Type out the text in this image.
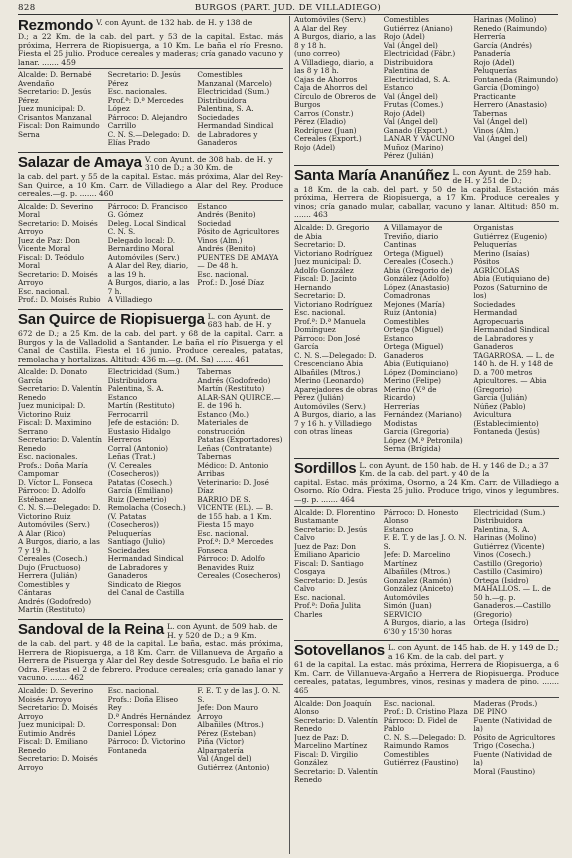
828	BURGOS (PART. JUD. DE VILLADIEGO)
Rezmondo V. con Ayunt. de 132 hab. de H. y 138 de
D.; a 22 Km. de la cab. del part. y 53 de la capital. Estac. más próxima, Herrera de Riopisuerga, a 10 Km. Le baña el río Fresno. Fiesta el 25 julio. Produce cereales y maderas; cría ganado vacuno y lanar. ....... 459
Alcalde: D. Bernabé Avendaño
Secretario: D. Jesús Pérez
Juez municipal: D. Crisantos Manzanal
Fiscal: Don Raimundo Serna
Secretario: D. Jesús Pérez
Esc. nacionales.
Prof.ª: D.ª Mercedes López
Párroco: D. Alejandro Carrillo
C. N. S.—Delegado: D. Elías Prado
Comestibles
Manzanal (Marcelo)
Electricidad (Sum.)
Distribuidora Palentina, S. A.
Sociedades
Hermandad Sindical de Labradores y Ganaderos
Salazar de Amaya V. con Ayunt. de 308 hab. de H. y 310 de D.; a 30 Km. de
la cab. del part. y 55 de la capital. Estac. más próxima, Alar del Rey-San Quirce, a 10 Km. Carr. de Villadiego a Alar del Rey. Produce cereales.—g. p. ....... 460
Alcalde: D. Severino Moral
Secretario: D. Moisés Arroyo
Juez de Paz: Don Vicente Moral
Fiscal: D. Teódulo Moral
Secretario: D. Moisés Arroyo
Esc. nacional.
Prof.: D. Moisés Rubio
Párroco: D. Francisco G. Gómez
Deleg. Local Sindical C. N. S.
Delegado local: D. Bernardino Moral
Automóviles (Serv.)
A Alar del Rey, diario, a las 19 h.
A Burgos, diario, a las 7 h.
A Villadiego
Estanco
Andrés (Benito)
Sociedad
Pósito de Agricultores
Vinos (Alm.)
Andrés (Benito)
PUENTES DE AMAYA — De 48 h.
Esc. nacional.
Prof.: D. José Díaz
San Quirce de Riopisuerga L. con Ayunt. de 683 hab. de H. y
672 de D.; a 25 Km. de la cab. del part. y 68 de la capital. Carr. a Burgos y la de Valladolid a Santander. Le baña el río Pisuerga y el Canal de Castilla. Fiesta el 16 junio. Produce cereales, patatas, remolacha y hortalizas. Altitud: 436 m.—g. (M. Sa) ....... 461
Alcalde: D. Donato García
Secretario: D. Valentín Renedo
Juez municipal: D. Victorino Ruiz
Fiscal: D. Maximino Serrano
Secretario: D. Valentín Renedo
Esc. nacionales.
Profs.: Doña María Campomar
D. Víctor L. Fonseca
Párroco: D. Adolfo Estébanez
C. N. S.—Delegado: D. Victorino Ruiz
Automóviles (Serv.)
A Alar (Rico)
A Burgos, diario, a las 7 y 19 h.
Cereales (Cosech.)
Dujo (Fructuoso)
Herrera (Julián)
Comestibles y Cántaras
Andrés (Godofredo)
Martín (Restituto)
Electricidad (Sum.)
Distribuidora Palentina, S. A.
Estanco
Martín (Restituto)
Ferrocarril
Jefe de estación: D. Eustasio Hidalgo
Herreros
Corral (Antonio)
Leñas (Trat.)
(V. Cereales (Cosecheros))
Patatas (Cosech.)
García (Emiliano)
Ruiz (Demetrio)
Remolacha (Cosech.)
(V. Patatas (Cosecheros))
Peluquerías
Santiago (Julio)
Sociedades
Hermandad Sindical de Labradores y Ganaderos
Sindicato de Riegos del Canal de Castilla
Tabernas
Andrés (Godofredo)
Martín (Restituto)
ALAR-SAN QUIRCE.—E. de 196 h.
Estanco (Mo.)
Materiales de construcción
Patatas (Exportadores)
Leñas (Contratante)
Tabernas
Médico: D. Antonio Arribas
Veterinario: D. José Díaz
BARRIO DE S. VICENTE (EL). — B. de 155 hab. a 1 Km. Fiesta 15 mayo
Esc. nacional.
Prof.ª: D.ª Mercedes Fonseca
Párroco: D. Adolfo Benavides Ruiz
Cereales (Cosecheros)
Sandoval de la Reina L. con Ayunt. de 509 hab. de H. y 520 de D.; a 9 Km.
de la cab. del part. y 48 de la capital. Le baña, estac. más próxima, Herrera de Riopisuerga, a 18 Km. Carr. de Villanueva de Argaño a Herrera de Pisuerga y Alar del Rey desde Sotresgudo. Le baña el río Odra. Fiestas el 2 de febrero. Produce cereales; cría ganado lanar y vacuno. ....... 462
Alcalde: D. Severino Moisés Arroyo
Secretario: D. Moisés Arroyo
Juez municipal: D. Eutimio Andrés
Fiscal: D. Emiliano Renedo
Secretario: D. Moisés Arroyo
Esc. nacional.
Profs.: Doña Eliseo Rey
D.ª Andrés Hernández
Corresponsal: Don Daniel López
Párroco: D. Victorino Fontaneda
F. E. T. y de las J. O. N. S.
Jefe: Don Mauro Arroyo
Albañiles (Mtros.)
Pérez (Esteban)
Piña (Víctor)
Alpargatería
Val (Ángel del)
Gutiérrez (Antonio)
Automóviles (Serv.)
A Alar del Rey
A Burgos, diario, a las 8 y 18 h.
(uno correo)
A Villadiego, diario, a las 8 y 18 h.
Cajas de Ahorros
Caja de Ahorros del Círculo de Obreros de Burgos
Carros (Constr.)
Pérez (Eladio)
Rodríguez (Juan)
Cereales (Export.)
Rojo (Adel)
Comestibles
Gutiérrez (Aniano)
Rojo (Adel)
Val (Ángel del)
Electricidad (Fábr.)
Distribuidora Palentina de Electricidad, S. A.
Estanco
Val (Ángel del)
Frutas (Comes.)
Rojo (Adel)
Val (Ángel del)
Ganado (Export.)
LANAR Y VACUNO
Muñoz (Marino)
Pérez (Julián)
Harinas (Molino)
Renedo (Raimundo)
Herrería
García (Andrés)
Panadería
Rojo (Adel)
Peluquerías
Fontaneda (Raimundo)
García (Domingo)
Practicante
Herrero (Anastasio)
Tabernas
Val (Ángel del)
Vinos (Alm.)
Val (Ángel del)
Santa María Ananúñez L. con Ayunt. de 259 hab. de H. y 251 de D.;
a 18 Km. de la cab. del part. y 50 de la capital. Estación más próxima, Herrera de Riopisuerga, a 17 Km. Produce cereales y vinos; cría ganado mular, caballar, vacuno y lanar. Altitud: 850 m. ....... 463
Alcalde: D. Gregorio de Abia
Secretario: D. Victoriano Rodríguez
Juez municipal: D. Adolfo González
Fiscal: D. Jacinto Hernando
Secretario: D. Victoriano Rodríguez
Esc. nacional.
Prof.ª: D.ª Manuela Domínguez
Párroco: Don José García
C. N. S.—Delegado: D. Crescenciano Abia
Albañiles (Mtros.)
Merino (Leonardo)
Aparejadores de obras
Pérez (Julián)
Automóviles (Serv.)
A Burgos, diario, a las 7 y 16 h. y Villadiego con otras líneas
A Villamayor de Treviño, diario
Cantinas
Ortega (Miguel)
Cereales (Cosech.)
Abia (Gregorio de)
González (Adolfo)
López (Anastasio)
Comadronas
Mejones (María)
Ruiz (Antonia)
Comestibles
Ortega (Miguel)
Estanco
Ortega (Miguel)
Ganaderos
Abia (Eutiquiano)
López (Dominciano)
Merino (Felipe)
Merino (V.ª de Ricardo)
Herrerías
Fernández (Mariano)
Modistas
Garcia (Gregoria)
López (M.ª Petronila)
Serna (Brígida)
Organistas
Gutiérrez (Eugenio)
Peluquerías
Merino (Isaías)
Pósitos
AGRÍCOLAS
Abia (Eutiquiano de)
Pozos (Saturnino de los)
Sociedades
Hermandad Agropecuaria
Hermandad Sindical de Labradores y Ganaderos
TAGARROSA. — L. de 140 h. de H. y 148 de D. a 700 metros
Apicultores. — Abia (Gregorio)
García (Julián)
Núñez (Pablo)
Avicultura (Establecimiento)
Fontaneda (Jesús)
Sordillos L. con Ayunt. de 150 hab. de H. y 146 de D.; a 37 Km. de la cab. del part. y 40 de la
capital. Estac. más próxima, Osorno, a 24 Km. Carr. de Villadiego a Osorno. Río Odra. Fiesta 25 julio. Produce trigo, vinos y legumbres.—g. p. ....... 464
Alcalde: D. Florentino Bustamante
Secretario: D. Jesús Calvo
Juez de Paz: Don Emiliano Aparicio
Fiscal: D. Santiago Cosgaya
Secretario: D. Jesús Calvo
Esc. nacional.
Prof.ª: Doña Julita Charles
Párroco: D. Honesto Alonso
Estanco
F. E. T. y de las J. O. N. S.
Jefe: D. Marcelino Martínez
Albañiles (Mtros.)
Gonzalez (Ramón)
González (Aniceto)
Automóviles
Simón (Juan)
SERVICIO
A Burgos, diario, a las 6'30 y 15'30 horas
Electricidad (Sum.)
Distribuidora Palentina, S. A.
Harinas (Molino)
Gutiérrez (Vicente)
Vinos (Cosech.)
Castillo (Gregorio)
Castillo (Casimiro)
Ortega (Isidro)
MAHALLOS. — L. de 50 h.—g. p.
Ganaderos.—Castillo (Gregorio)
Ortega (Isidro)
Sotovellanos L. con Ayunt. de 145 hab. de H. y 149 de D.; a 16 Km. de la cab. del part. y
61 de la capital. La estac. más próxima, Herrera de Riopisuerga, a 6 Km. Carr. de Villanueva-Argaño a Herrera de Riopisuerga. Produce cereales, patatas, legumbres, vinos, resinas y madera de pino. ....... 465
Alcalde: Don Joaquín Alonso
Secretario: D. Valentín Renedo
Juez de Paz: D. Marcelino Martínez
Fiscal: D. Virgilio González
Secretario: D. Valentín Renedo
Esc. nacional.
Prof.: D. Cristino Plaza
Párroco: D. Fidel de Pablo
C. N. S.—Delegado: D. Raimundo Ramos
Comestibles
Gutiérrez (Faustino)
Maderas (Prods.)
DE PINO
Fuente (Natividad de la)
Pósito de Agricultores
Trigo (Cosecha.)
Fuente (Natividad de la)
Moral (Faustino)
